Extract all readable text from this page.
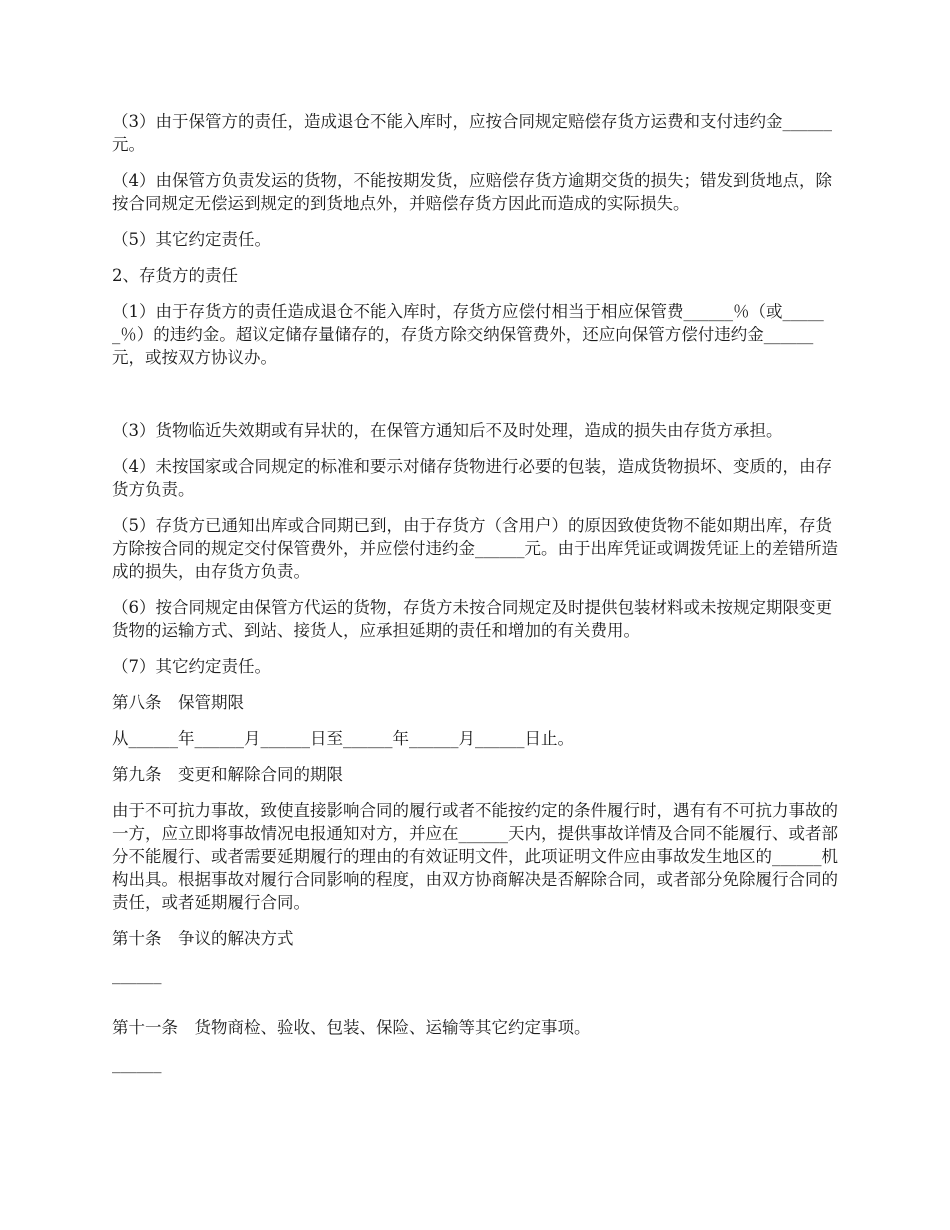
（3）由于保管方的责任，造成退仓不能入库时，应按合同规定赔偿存货方运费和支付违约金______元。

（4）由保管方负责发运的货物，不能按期发货，应赔偿存货方逾期交货的损失；错发到货地点，除按合同规定无偿运到规定的到货地点外，并赔偿存货方因此而造成的实际损失。

（5）其它约定责任。

2、存货方的责任

（1）由于存货方的责任造成退仓不能入库时，存货方应偿付相当于相应保管费______％（或______％）的违约金。超议定储存量储存的，存货方除交纳保管费外，还应向保管方偿付违约金______元，或按双方协议办。

（3）货物临近失效期或有异状的，在保管方通知后不及时处理，造成的损失由存货方承担。

（4）未按国家或合同规定的标准和要示对储存货物进行必要的包装，造成货物损坏、变质的，由存货方负责。

（5）存货方已通知出库或合同期已到，由于存货方（含用户）的原因致使货物不能如期出库，存货方除按合同的规定交付保管费外，并应偿付违约金______元。由于出库凭证或调拨凭证上的差错所造成的损失，由存货方负责。

（6）按合同规定由保管方代运的货物，存货方未按合同规定及时提供包装材料或未按规定期限变更货物的运输方式、到站、接货人，应承担延期的责任和增加的有关费用。

（7）其它约定责任。

第八条　保管期限

从______年______月______日至______年______月______日止。

第九条　变更和解除合同的期限

由于不可抗力事故，致使直接影响合同的履行或者不能按约定的条件履行时，遇有有不可抗力事故的一方，应立即将事故情况电报通知对方，并应在______天内，提供事故详情及合同不能履行、或者部分不能履行、或者需要延期履行的理由的有效证明文件，此项证明文件应由事故发生地区的______机构出具。根据事故对履行合同影响的程度，由双方协商解决是否解除合同，或者部分免除履行合同的责任，或者延期履行合同。

第十条　争议的解决方式

______

第十一条　货物商检、验收、包装、保险、运输等其它约定事项。

______
